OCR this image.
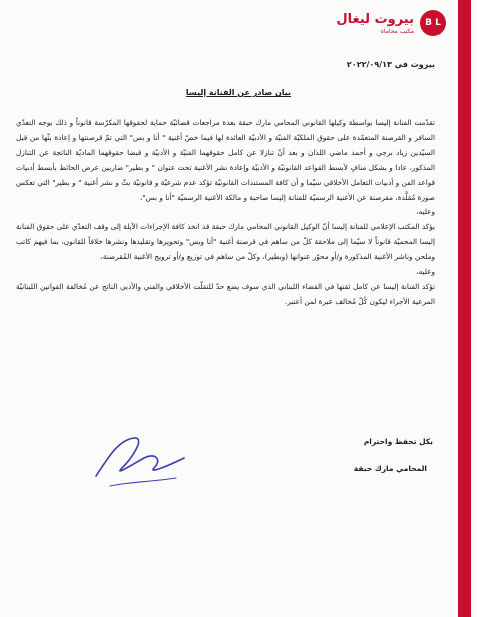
بيروت ليغال
مكتب محاماة
B L
بيروت في ٢٠٢٢/٠٩/١٣
بيان صادر عن الفنانة إليسا

تقدّمت الفنانة إليسا بواسطة وكيلها القانوني المحامي مارك حبقة بعدة مراجعات قضائيّة حماية لحقوقها المكرّسة قانوناً و ذلك بوجه التعدّي السافر و القرصنة المتعمّدة على حقوق الملكيّة الفنيّة و الأدبيّة العائدة لها فيما خصّ أغنية " أنا و بس" التي تمّ قرصنتها و إعادة بثّها من قبل السيّدين زياد برجي و أحمد ماضي اللذان و بعد أنّ تنازلا عن كامل حقوقهما الفنيّة و الأدبيّة و قبضا حقوقهما الماديّة الناتجة عن التنازل المذكور، عادا و بشكل منافٍ لأبسط القواعد القانونيّة و الأدبيّة وإعادة نشر الأغنية تحت عنوان " و بطير" ضاربين عرض الحائط بأبسط أدبيات قواعد الفن و أدبيات التعامل الأخلاقي سيّما و أن كافة المستندات القانونيّة تؤكد عدم شرعيّة و قانونيّة بثّ و نشر أغنية " و بطير" التي تعكس صورة مُقلَّدة، مقرصنة عن الأغنية الرسميّة للفنانة إليسا صاحبة و مالكة الأغنية الرسميّة "أنا و بس"،

وعليه،

يؤكد المكتب الإعلامي للفنانة إليسا أنّ الوكيل القانوني المحامي مارك حبقة قد اتخذ كافة الإجراءات الآيلة إلى وقف التعدّي على حقوق الفنانة إليسا المحميّة قانوناً لا سيّما إلى ملاحقة كلّ من ساهم في قرصنة أغنية "أنا وبس" وتحويرها وتقليدها ونشرها خلافاً للقانون، بما فيهم كاتب وملحن وناشر الأغنية المذكورة و/أو محوّر عنوانها (وبطير)، وكلّ من ساهم في توزيع و/أو ترويج الأغنية المُقرصنة،

وعليه،

تؤكد الفنانة إليسا عن كامل ثقتها في القضاء اللبناني الذي سوف يضع حدّ للتفلّت الأخلاقي والفني والأدبي الناتج عن مُخالفة القوانين اللبنانيّة المرعية الأجراء ليكون كُلّ مُخالف عبرة لمن أعتبر.

بكل تحفظ واحترام
المحامي مارك حبقة
